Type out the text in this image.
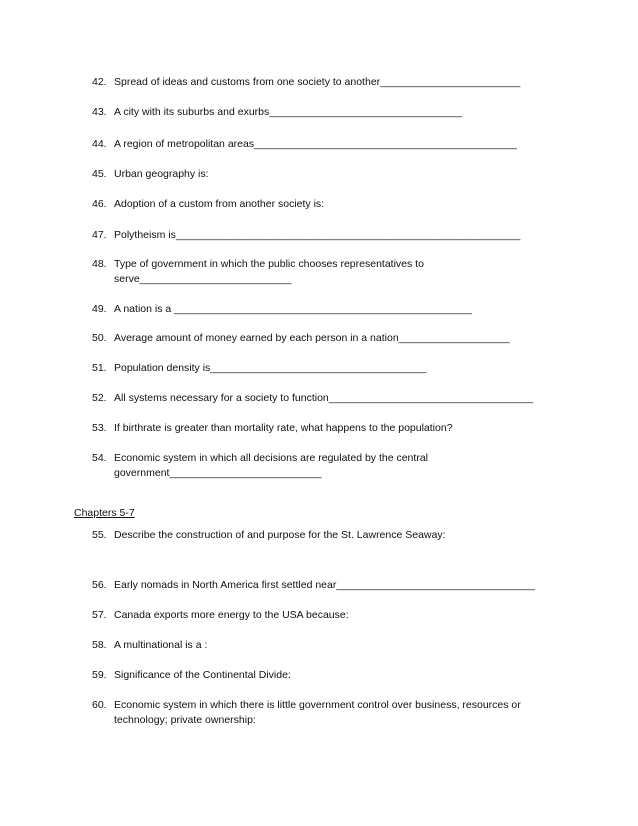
42. Spread of ideas and customs from one society to another________________________
43. A city with its suburbs and exurbs_________________________________
44. A region of metropolitan areas_____________________________________________
45. Urban geography is:
46. Adoption of a custom from another society is:
47. Polytheism is___________________________________________________________
48. Type of government in which the public chooses representatives to
serve__________________________
49. A nation is a ___________________________________________________
50. Average amount of money earned by each person in a nation___________________
51. Population density is_____________________________________
52. All systems necessary for a society to function___________________________________
53. If birthrate is greater than mortality rate, what happens to the population?
54. Economic system in which all decisions are regulated by the central
government__________________________
Chapters 5-7
55. Describe the construction of and purpose for the St. Lawrence Seaway:
56. Early nomads in North America first settled near__________________________________
57. Canada exports more energy to the USA because:
58. A multinational is a :
59. Significance of the Continental Divide:
60. Economic system in which there is little government control over business, resources or
technology; private ownership:
